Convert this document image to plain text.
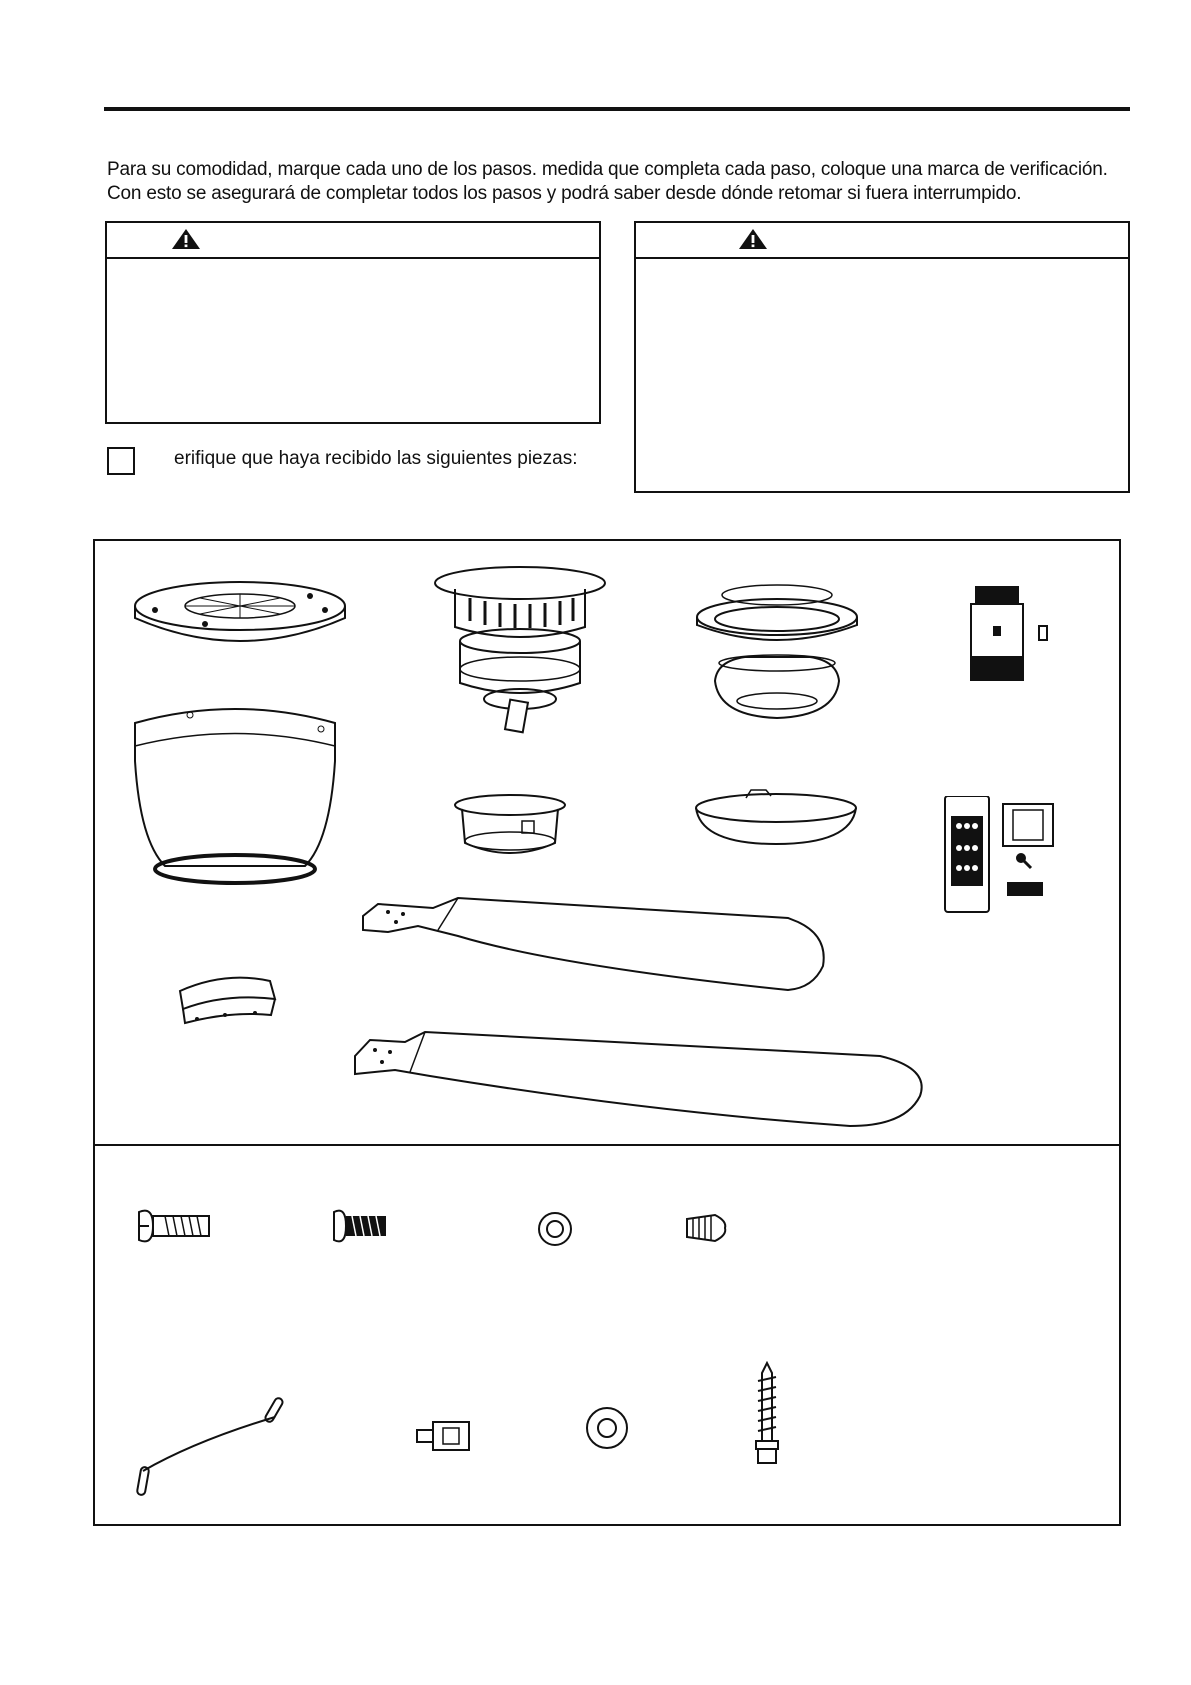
Para su comodidad, marque cada uno de los pasos. medida que completa cada paso, coloque una marca de verificación.
Con esto se asegurará de completar todos los pasos y podrá saber desde dónde retomar si fuera interrumpido.
erifique que haya recibido las siguientes piezas:
